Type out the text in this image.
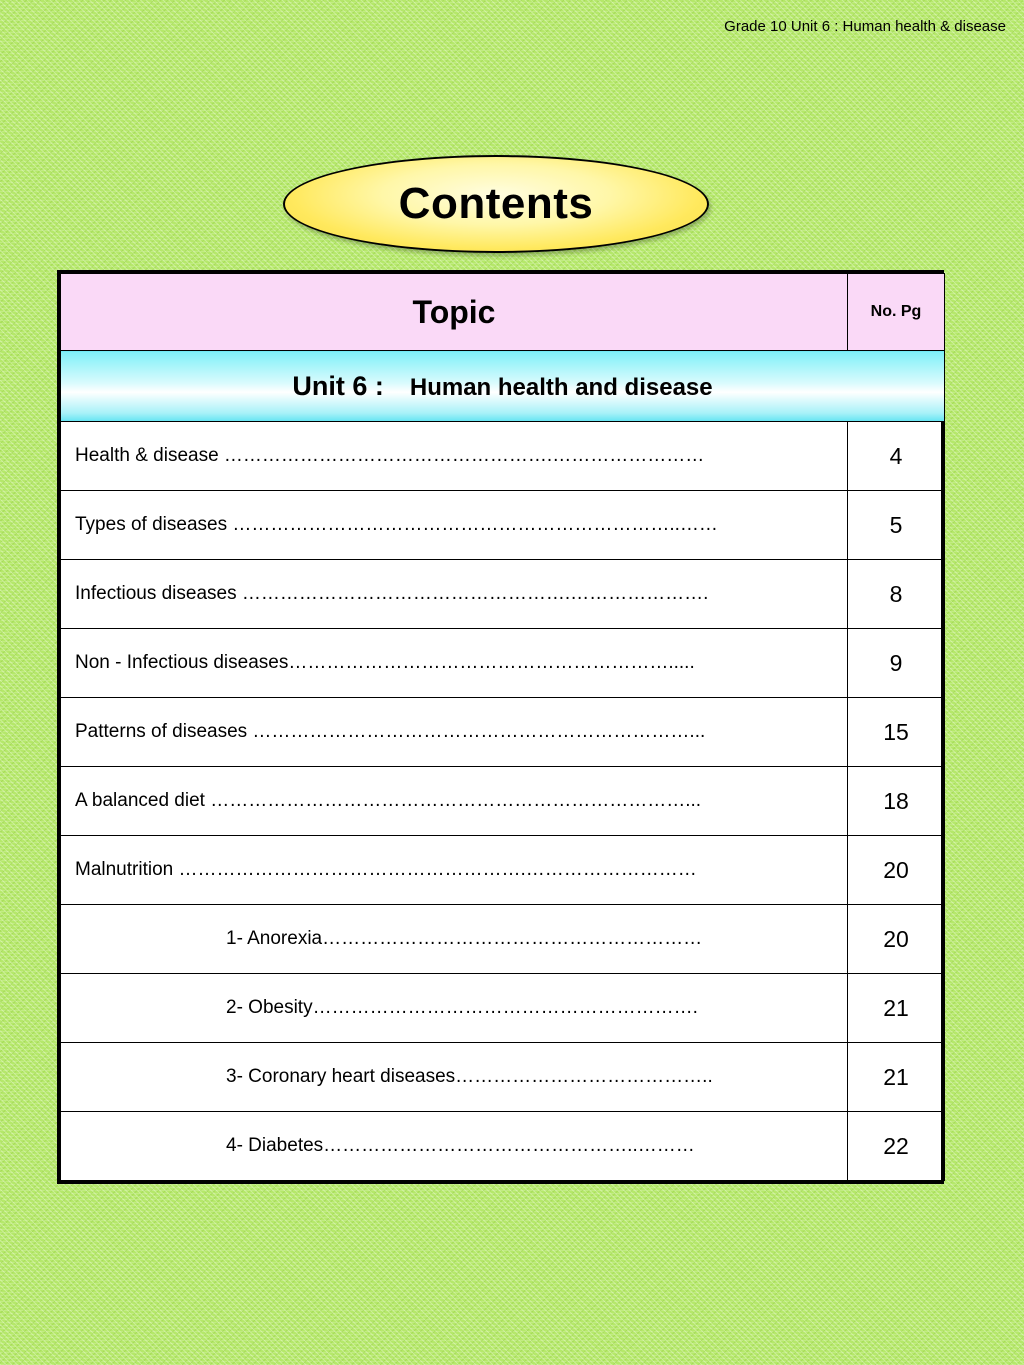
Grade 10 Unit 6 : Human health & disease
Contents
Topic	No. Pg

Unit 6 : Human health and disease	
Health & disease …………………………………………….……………………	4
Types of diseases ……………………………………………………………..……	5
Infectious diseases …………………………………………….………………….	8
Non - Infectious diseases…………………………………………………….....	9
Patterns of diseases ……………………………………………………………...	15
A balanced diet …………………………………………………………………...	18
Malnutrition ……………………………………………….………………………	20
1- Anorexia……………………………………………………	20
2- Obesity…………………………………………………….	21
3- Coronary heart diseases…………………………………..	21
4- Diabetes…………………………………………..………	22
